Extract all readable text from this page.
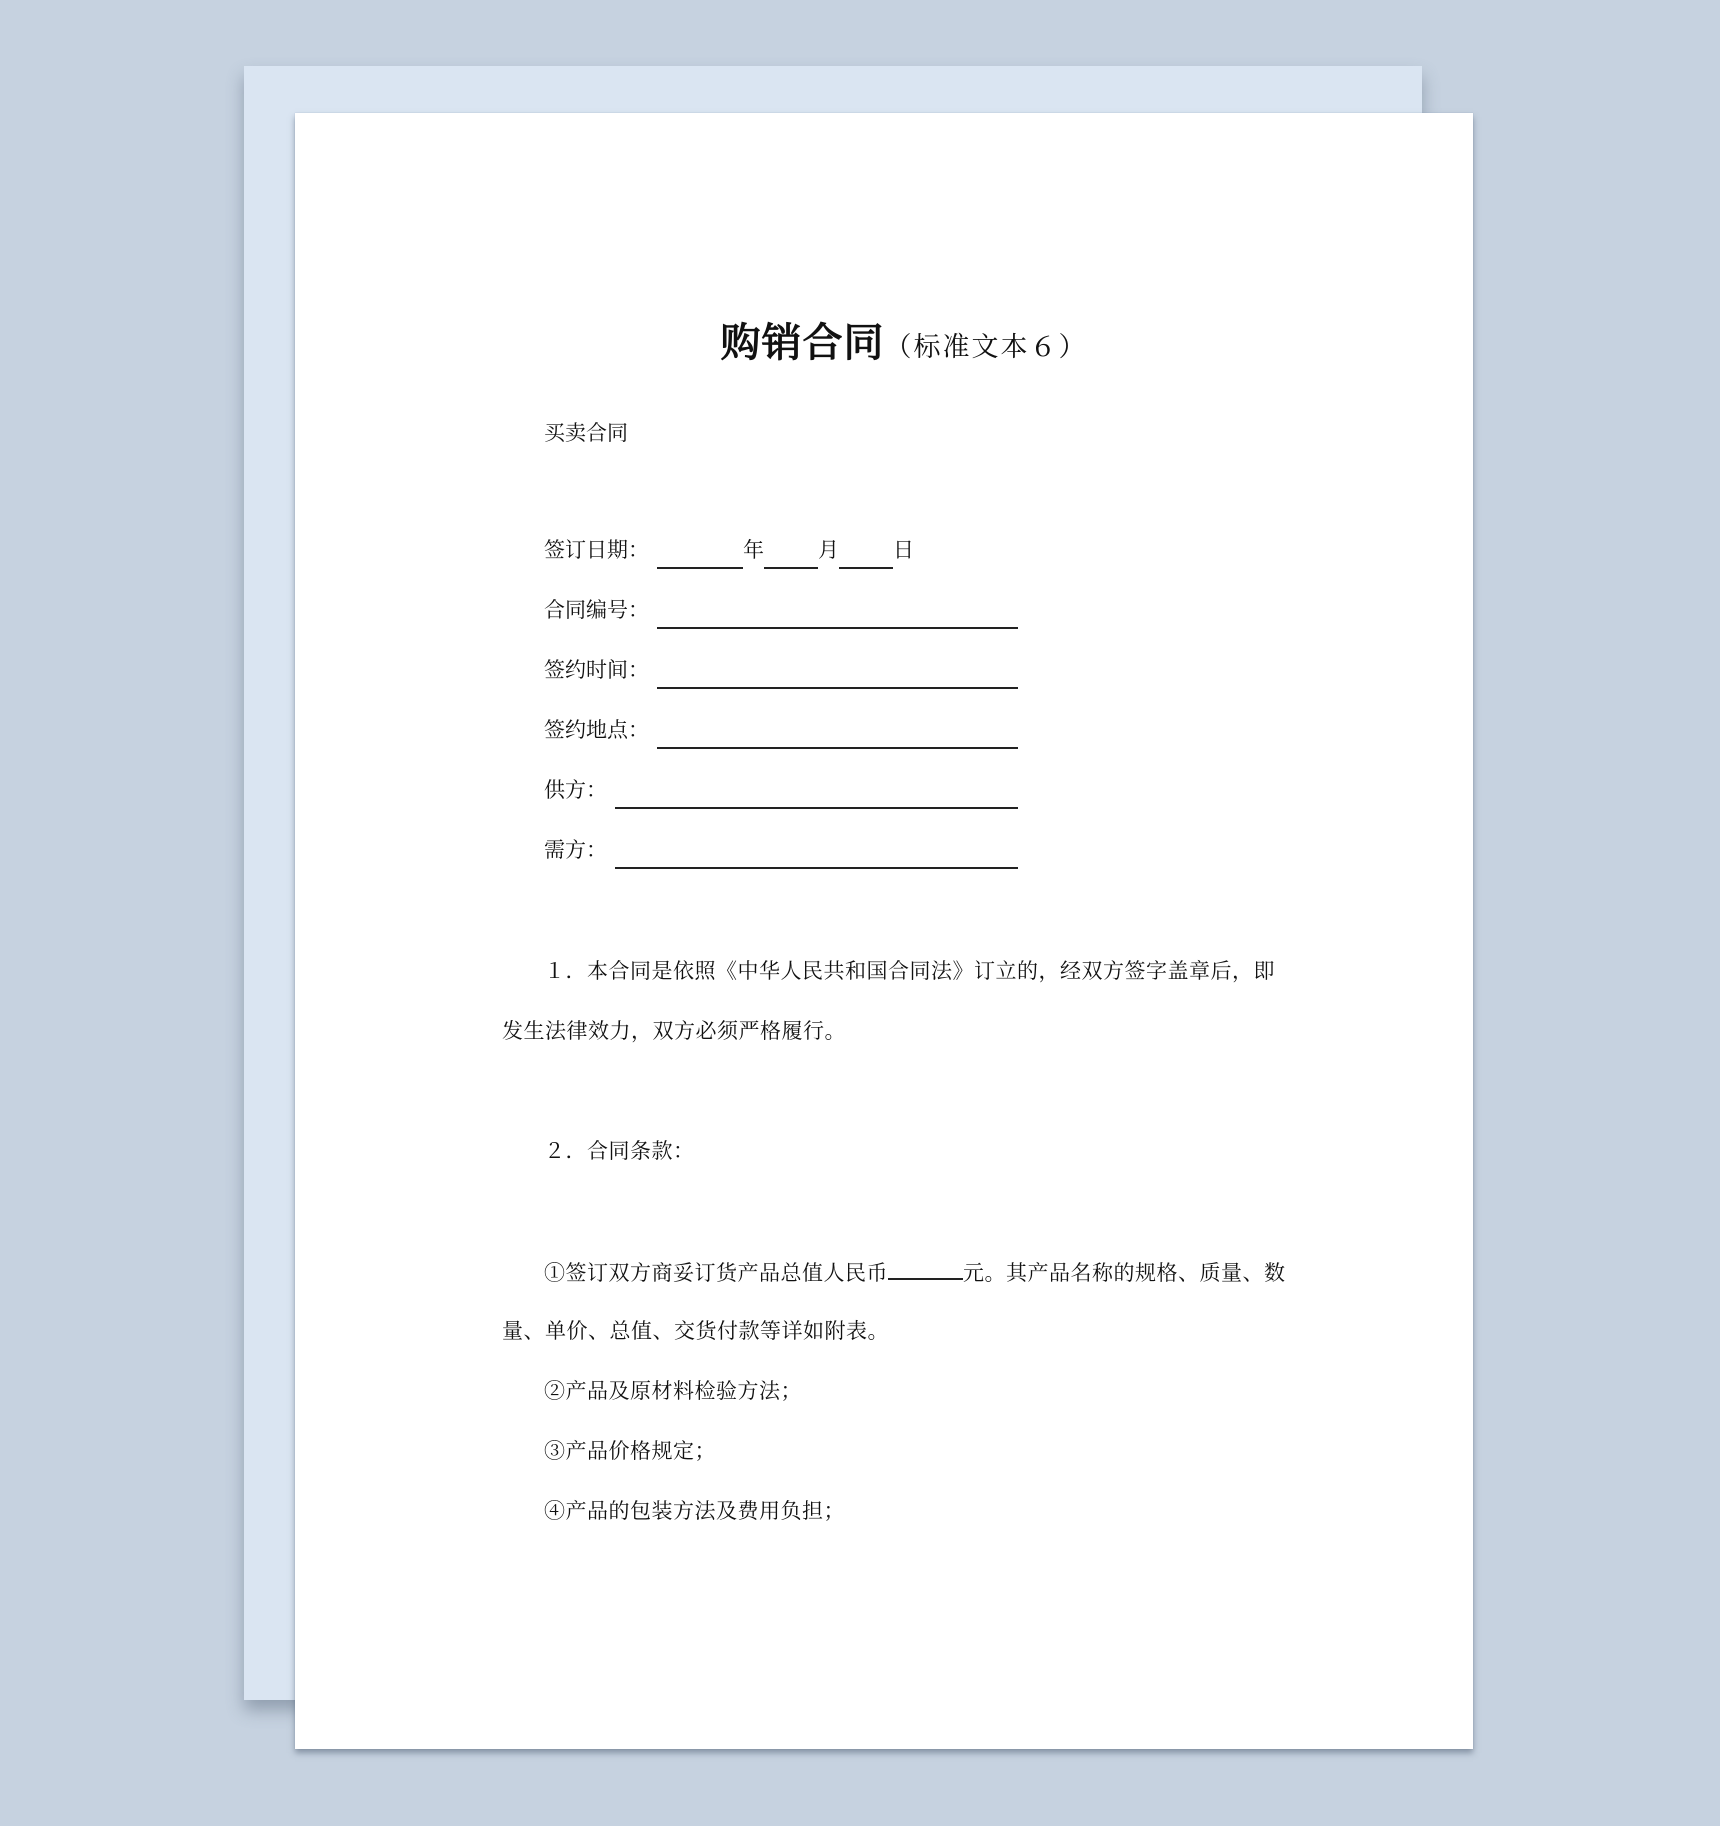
购销合同（标准文本６）
买卖合同
签订日期：	年	月	日
合同编号：
签约时间：
签约地点：
供方：
需方：
１．本合同是依照《中华人民共和国合同法》订立的，经双方签字盖章后，即
发生法律效力，双方必须严格履行。
２．合同条款：
①签订双方商妥订货产品总值人民币	元。其产品名称的规格、质量、数
量、单价、总值、交货付款等详如附表。
②产品及原材料检验方法；
③产品价格规定；
④产品的包装方法及费用负担；
